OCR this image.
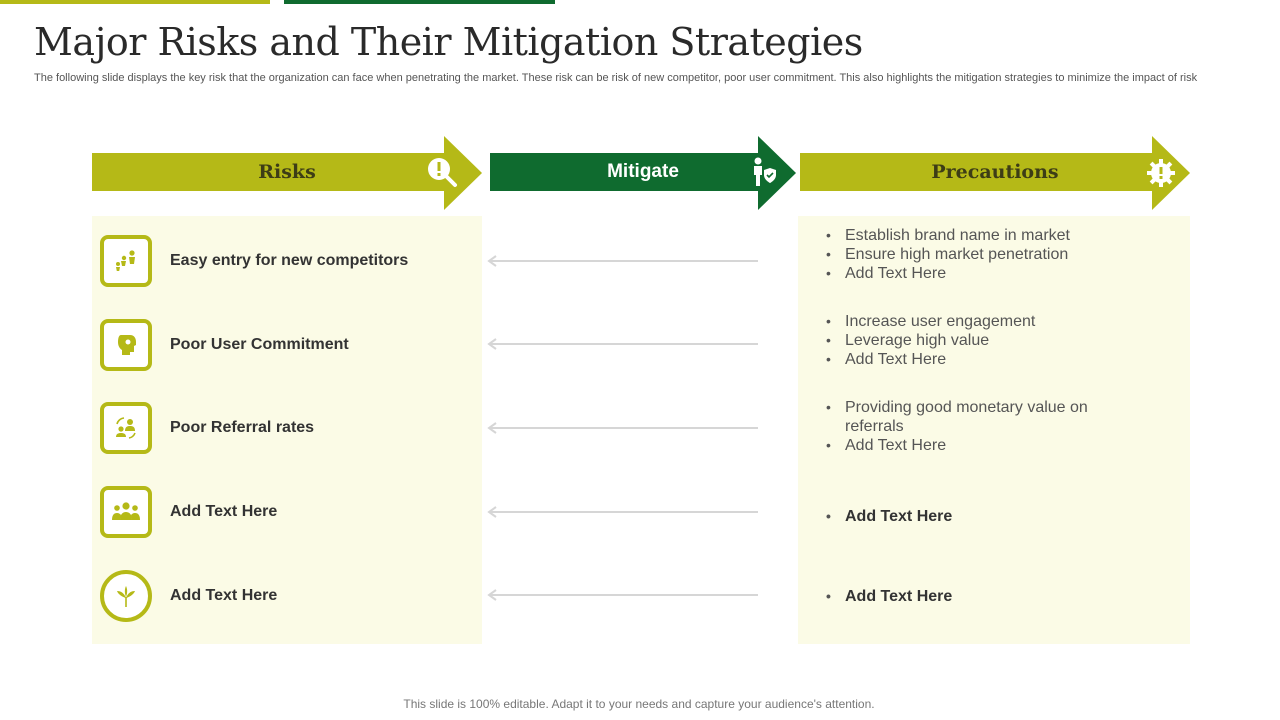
Major Risks and Their Mitigation Strategies
The following slide displays the key risk that the organization can face when penetrating the market. These risk can be risk of new competitor, poor user commitment. This also highlights the mitigation strategies to minimize the impact of risk
Risks	Mitigate	Precautions
Easy entry for new competitors
Poor User Commitment
Poor Referral rates
Add Text Here
Add Text Here
• Establish brand name in market
• Ensure high market penetration
• Add Text Here
• Increase user engagement
• Leverage high value
• Add Text Here
• Providing good monetary value on referrals
• Add Text Here
• Add Text Here
• Add Text Here
This slide is 100% editable. Adapt it to your needs and capture your audience's attention.
